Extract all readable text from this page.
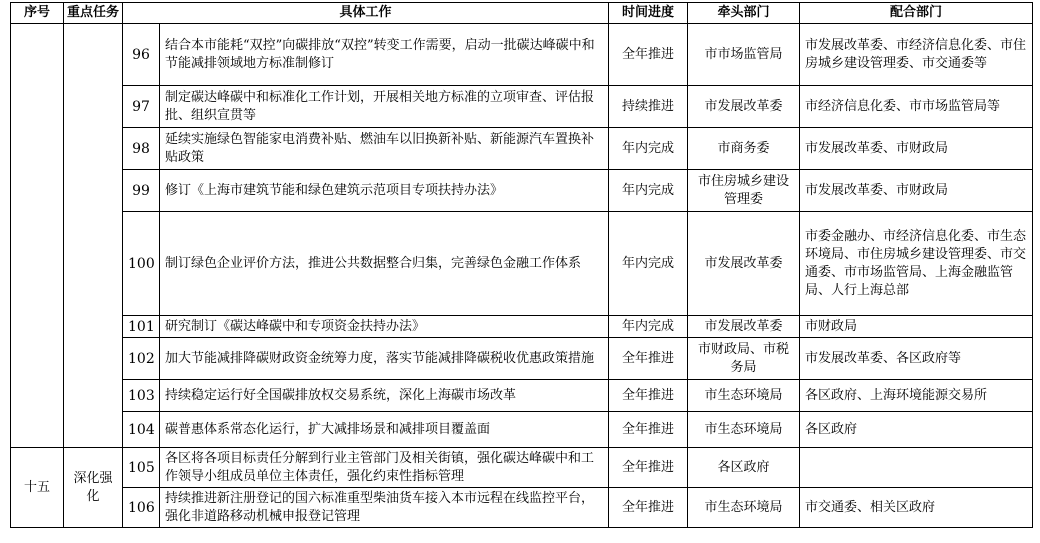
序号	重点任务	具体工作		时间进度	牵头部门	配合部门
		96	结合本市能耗“双控”向碳排放“双控”转变工作需要，启动一批碳达峰碳中和节能减排领域地方标准制修订	全年推进	市市场监管局	市发展改革委、市经济信息化委、市住房城乡建设管理委、市交通委等
		97	制定碳达峰碳中和标准化工作计划，开展相关地方标准的立项审查、评估报批、组织宣贯等	持续推进	市发展改革委	市经济信息化委、市市场监管局等
		98	延续实施绿色智能家电消费补贴、燃油车以旧换新补贴、新能源汽车置换补贴政策	年内完成	市商务委	市发展改革委、市财政局
		99	修订《上海市建筑节能和绿色建筑示范项目专项扶持办法》	年内完成	市住房城乡建设管理委	市发展改革委、市财政局
		100	制订绿色企业评价方法，推进公共数据整合归集，完善绿色金融工作体系	年内完成	市发展改革委	市委金融办、市经济信息化委、市生态环境局、市住房城乡建设管理委、市交通委、市市场监管局、上海金融监管局、人行上海总部
		101	研究制订《碳达峰碳中和专项资金扶持办法》	年内完成	市发展改革委	市财政局
		102	加大节能减排降碳财政资金统筹力度，落实节能减排降碳税收优惠政策措施	全年推进	市财政局、市税务局	市发展改革委、各区政府等
		103	持续稳定运行好全国碳排放权交易系统，深化上海碳市场改革	全年推进	市生态环境局	各区政府、上海环境能源交易所
		104	碳普惠体系常态化运行，扩大减排场景和减排项目覆盖面	全年推进	市生态环境局	各区政府
十五	深化强化	105	各区将各项目标责任分解到行业主管部门及相关街镇，强化碳达峰碳中和工作领导小组成员单位主体责任，强化约束性指标管理	全年推进	各区政府	
		106	持续推进新注册登记的国六标准重型柴油货车接入本市远程在线监控平台，强化非道路移动机械申报登记管理	全年推进	市生态环境局	市交通委、相关区政府
